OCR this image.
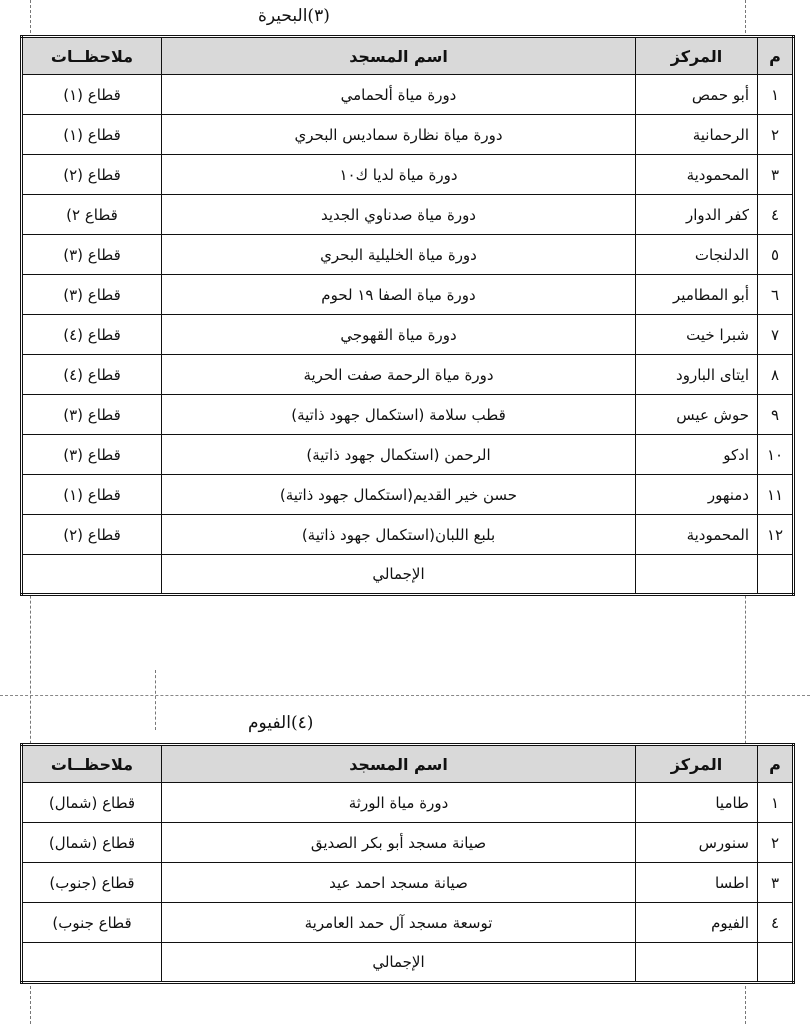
(٣)البحيرة
م	المركز	اسم المسجد	ملاحظــات
١	أبو حمص	دورة مياة ألحمامي	قطاع (١)
٢	الرحمانية	دورة مياة نظارة سماديس البحري	قطاع (١)
٣	المحمودية	دورة مياة لديا ك١٠	قطاع (٢)
٤	كفر الدوار	دورة مياة صدناوي الجديد	قطاع ٢)
٥	الدلنجات	دورة مياة الخليلية البحري	قطاع (٣)
٦	أبو المطامير	دورة مياة الصفا ١٩ لحوم	قطاع (٣)
٧	شبرا خيت	دورة مياة القهوجي	قطاع (٤)
٨	ايتاى البارود	دورة مياة الرحمة صفت الحرية	قطاع (٤)
٩	حوش عيس	قطب سلامة (استكمال جهود ذاتية)	قطاع (٣)
١٠	ادكو	الرحمن (استكمال جهود ذاتية)	قطاع (٣)
١١	دمنهور	حسن خير القديم(استكمال جهود ذاتية)	قطاع (١)
١٢	المحمودية	بلبع اللبان(استكمال جهود ذاتية)	قطاع (٢)
		الإجمالي	
(٤)الفيوم
م	المركز	اسم المسجد	ملاحظــات
١	طاميا	دورة مياة الورثة	قطاع (شمال)
٢	سنورس	صيانة مسجد أبو بكر الصديق	قطاع (شمال)
٣	اطسا	صيانة مسجد احمد عيد	قطاع (جنوب)
٤	الفيوم	توسعة مسجد آل حمد العامرية	قطاع جنوب)
		الإجمالي	
